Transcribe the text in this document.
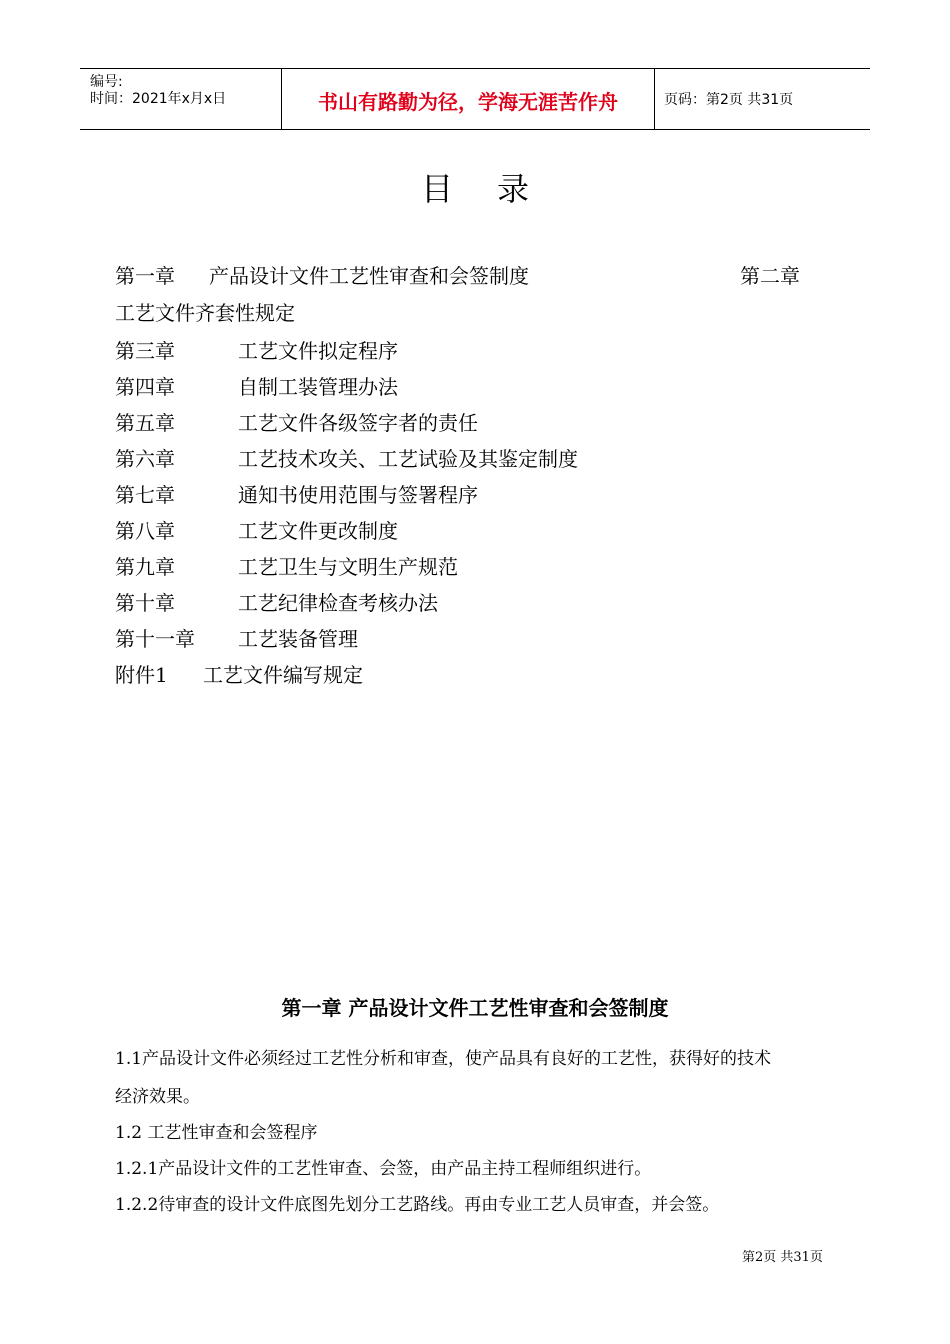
编号:
时间：2021年x月x日	书山有路勤为径，学海无涯苦作舟	页码：第2页 共31页
目录
第一章 产品设计文件工艺性审查和会签制度	第二章
工艺文件齐套性规定
第三章	工艺文件拟定程序
第四章	自制工装管理办法
第五章	工艺文件各级签字者的责任
第六章	工艺技术攻关、工艺试验及其鉴定制度
第七章	通知书使用范围与签署程序
第八章	工艺文件更改制度
第九章	工艺卫生与文明生产规范
第十章	工艺纪律检查考核办法
第十一章 工艺装备管理
附件1 工艺文件编写规定
第一章 产品设计文件工艺性审查和会签制度
1.1产品设计文件必须经过工艺性分析和审查，使产品具有良好的工艺性，获得好的技术
经济效果。
1.2 工艺性审查和会签程序
1.2.1产品设计文件的工艺性审查、会签，由产品主持工程师组织进行。
1.2.2待审查的设计文件底图先划分工艺路线。再由专业工艺人员审查，并会签。
第2页 共31页
